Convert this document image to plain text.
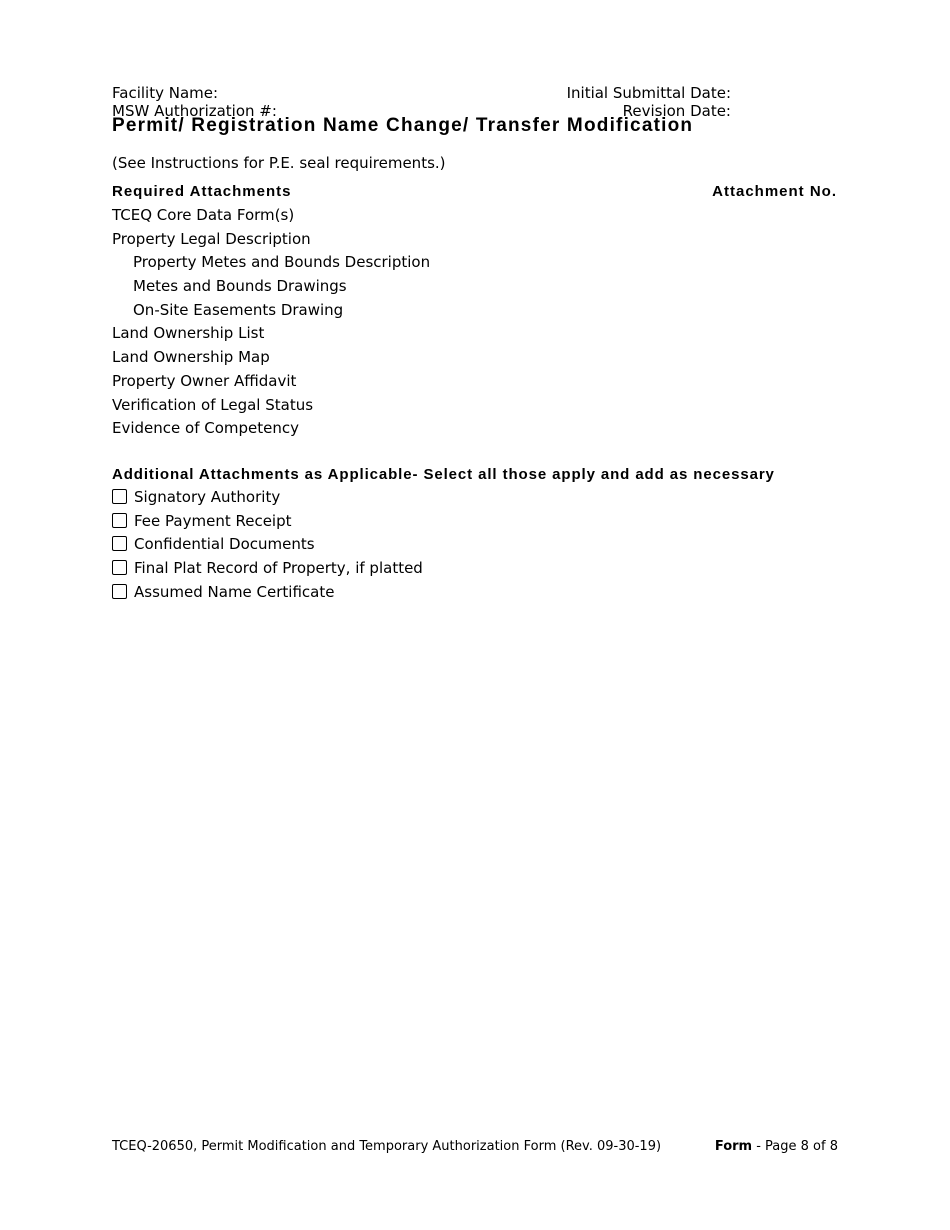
Facility Name:
MSW Authorization #:
Initial Submittal Date:
Revision Date:
Permit/ Registration Name Change/ Transfer Modification
(See Instructions for P.E. seal requirements.)
Required Attachments	Attachment No.
TCEQ Core Data Form(s)
Property Legal Description
Property Metes and Bounds Description
Metes and Bounds Drawings
On-Site Easements Drawing
Land Ownership List
Land Ownership Map
Property Owner Affidavit
Verification of Legal Status
Evidence of Competency
Additional Attachments as Applicable- Select all those apply and add as necessary
Signatory Authority
Fee Payment Receipt
Confidential Documents
Final Plat Record of Property, if platted
Assumed Name Certificate
TCEQ-20650, Permit Modification and Temporary Authorization Form (Rev. 09-30-19)	Form - Page 8 of 8
